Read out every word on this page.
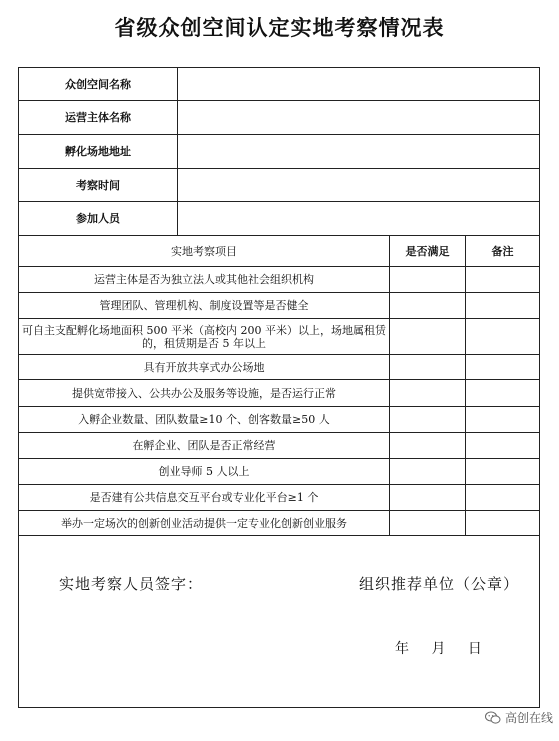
省级众创空间认定实地考察情况表
众创空间名称			
运营主体名称			
孵化场地地址			
考察时间			
参加人员			
实地考察项目		是否满足	备注
运营主体是否为独立法人或其他社会组织机构			
管理团队、管理机构、制度设置等是否健全			
可自主支配孵化场地面积 500 平米（高校内 200 平米）以上，场地属租赁的，租赁期是否 5 年以上			
具有开放共享式办公场地			
提供宽带接入、公共办公及服务等设施，是否运行正常			
入孵企业数量、团队数量≥10 个、创客数量≥50 人			
在孵企业、团队是否正常经营			
创业导师 5 人以上			
是否建有公共信息交互平台或专业化平台≥1 个			
举办一定场次的创新创业活动提供一定专业化创新创业服务			

实地考察人员签字： 组织推荐单位（公章）
年 月 日			
高创在线
